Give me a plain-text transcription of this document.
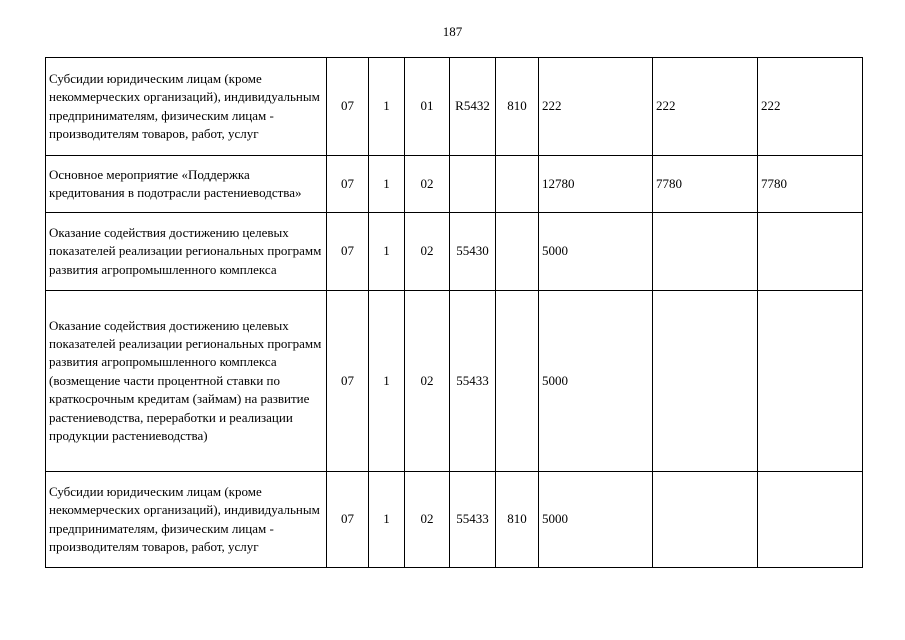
187
Субсидии юридическим лицам (кроме некоммерческих организаций), индивидуальным предпринимателям, физическим лицам - производителям товаров, работ, услуг	07	1	01	R5432	810	222	222	222
Основное мероприятие «Поддержка кредитования в подотрасли растениеводства»	07	1	02			12780	7780	7780
Оказание содействия достижению целевых показателей реализации региональных программ развития агропромышленного комплекса	07	1	02	55430		5000		
Оказание содействия достижению целевых показателей реализации региональных программ развития агропромышленного комплекса (возмещение части процентной ставки по краткосрочным кредитам (займам) на развитие растениеводства, переработки и реализации продукции растениеводства)	07	1	02	55433		5000		
Субсидии юридическим лицам (кроме некоммерческих организаций), индивидуальным предпринимателям, физическим лицам - производителям товаров, работ, услуг	07	1	02	55433	810	5000		
